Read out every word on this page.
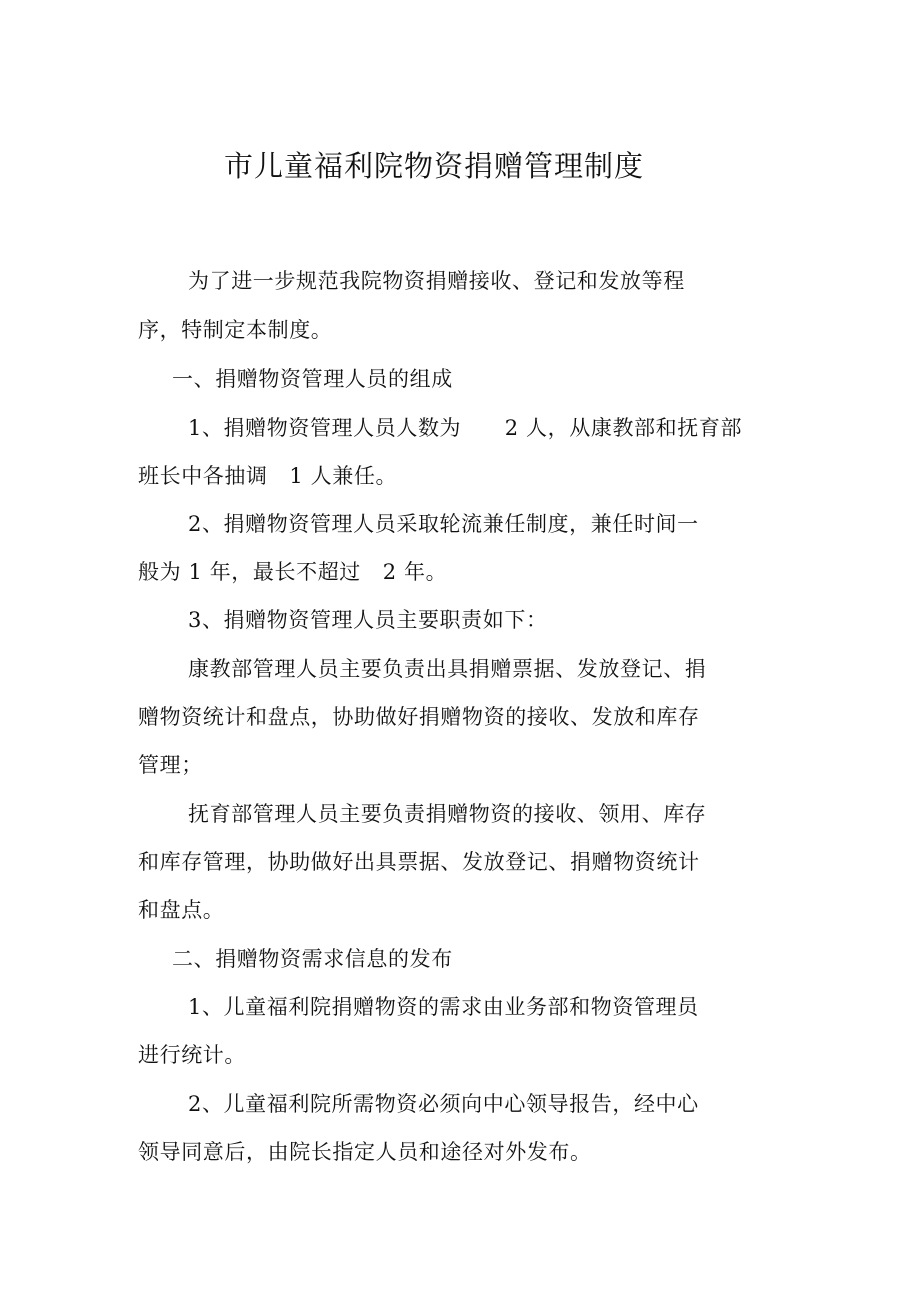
市儿童福利院物资捐赠管理制度
为了进一步规范我院物资捐赠接收、登记和发放等程
序，特制定本制度。
一、捐赠物资管理人员的组成
1、捐赠物资管理人员人数为      2 人，从康教部和抚育部
班长中各抽调   1 人兼任。
2、捐赠物资管理人员采取轮流兼任制度，兼任时间一
般为 1 年，最长不超过   2 年。
3、捐赠物资管理人员主要职责如下：
康教部管理人员主要负责出具捐赠票据、发放登记、捐
赠物资统计和盘点，协助做好捐赠物资的接收、发放和库存
管理；
抚育部管理人员主要负责捐赠物资的接收、领用、库存
和库存管理，协助做好出具票据、发放登记、捐赠物资统计
和盘点。
二、捐赠物资需求信息的发布
1、儿童福利院捐赠物资的需求由业务部和物资管理员
进行统计。
2、儿童福利院所需物资必须向中心领导报告，经中心
领导同意后，由院长指定人员和途径对外发布。
